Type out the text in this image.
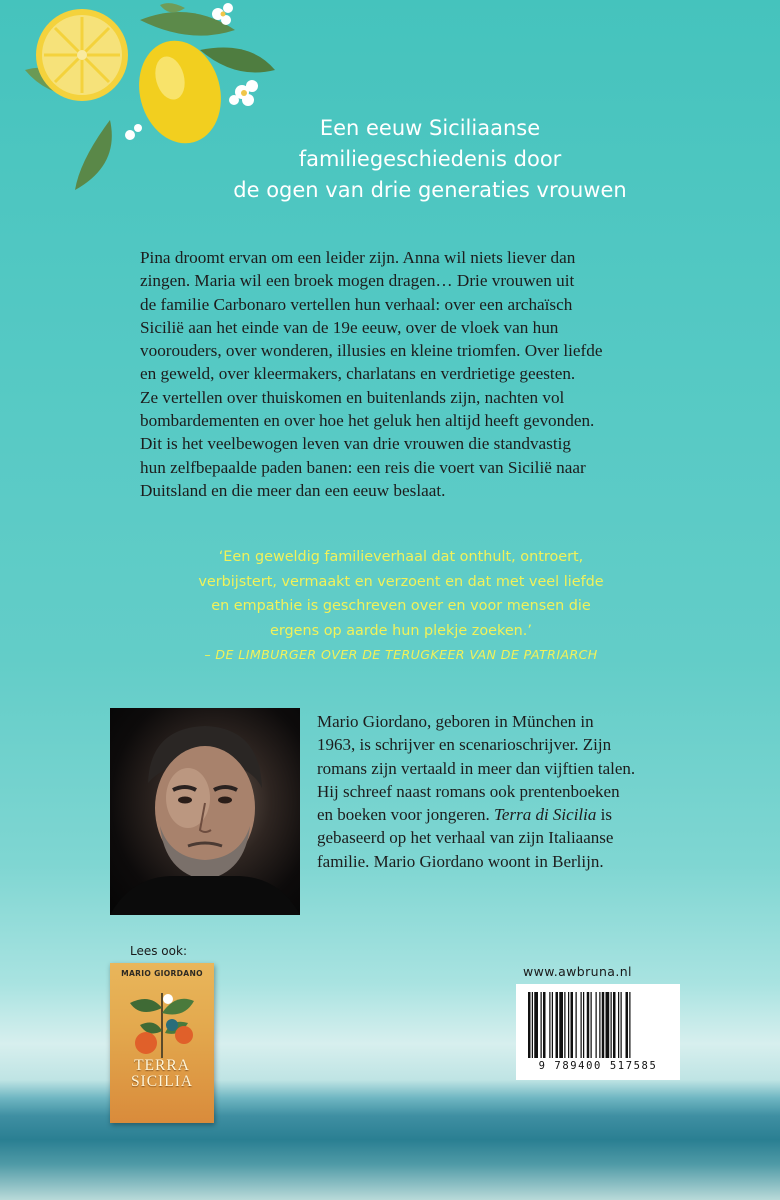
Een eeuw Siciliaanse
familiegeschiedenis door
de ogen van drie generaties vrouwen
Pina droomt ervan om een leider zijn. Anna wil niets liever dan
zingen. Maria wil een broek mogen dragen… Drie vrouwen uit
de familie Carbonaro vertellen hun verhaal: over een archaïsch
Sicilië aan het einde van de 19e eeuw, over de vloek van hun
voorouders, over wonderen, illusies en kleine triomfen. Over liefde
en geweld, over kleermakers, charlatans en verdrietige geesten.
Ze vertellen over thuiskomen en buitenlands zijn, nachten vol
bombardementen en over hoe het geluk hen altijd heeft gevonden.
Dit is het veelbewogen leven van drie vrouwen die standvastig
hun zelfbepaalde paden banen: een reis die voert van Sicilië naar
Duitsland en die meer dan een eeuw beslaat.
‘Een geweldig familieverhaal dat onthult, ontroert,
verbijstert, vermaakt en verzoent en dat met veel liefde
en empathie is geschreven over en voor mensen die
ergens op aarde hun plekje zoeken.’
– DE LIMBURGER OVER DE TERUGKEER VAN DE PATRIARCH
Mario Giordano, geboren in München in
1963, is schrijver en scenarioschrijver. Zijn
romans zijn vertaald in meer dan vijftien talen.
Hij schreef naast romans ook prentenboeken
en boeken voor jongeren. Terra di Sicilia is
gebaseerd op het verhaal van zijn Italiaanse
familie. Mario Giordano woont in Berlijn.
Lees ook:
MARIO GIORDANO
TERRA
SICILIA
www.awbruna.nl
9 789400 517585
